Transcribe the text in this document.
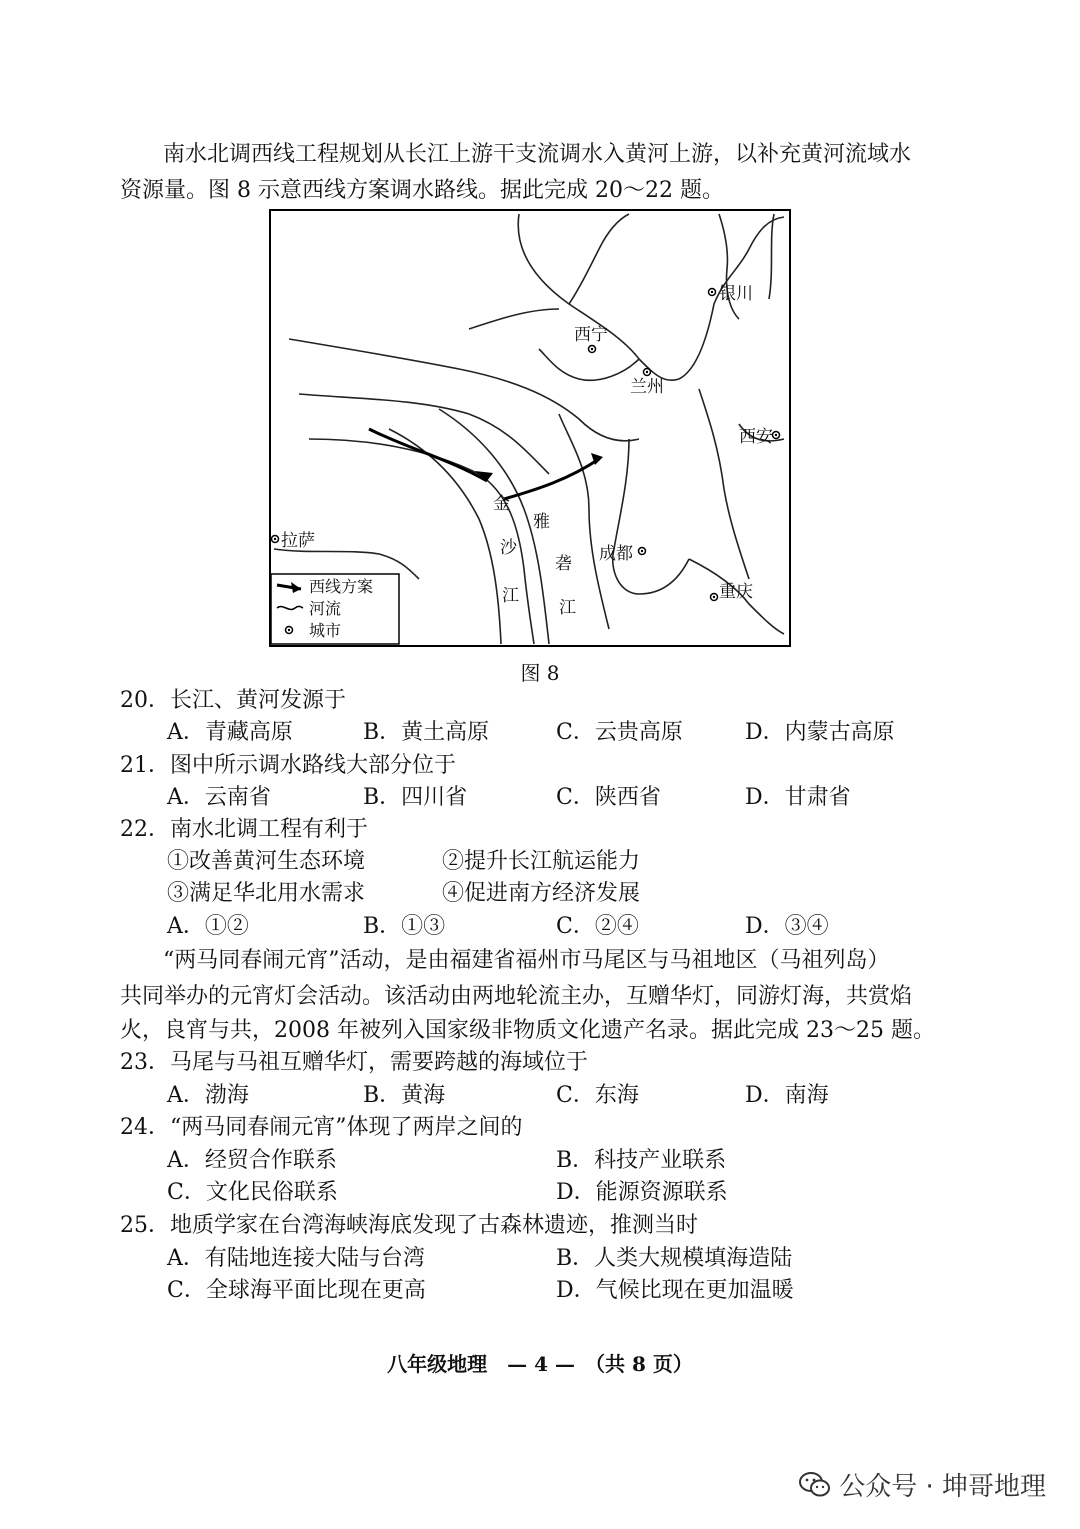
南水北调西线工程规划从长江上游干支流调水入黄河上游，以补充黄河流域水
资源量。图 8 示意西线方案调水路线。据此完成 20～22 题。
银川
西宁
兰州
西安
拉萨
成都
重庆
金
沙
江
雅
砻
江
西线方案
河流
城市
图 8
20．长江、黄河发源于
A．青藏高原	B．黄土高原	C．云贵高原	D．内蒙古高原
21．图中所示调水路线大部分位于
A．云南省	B．四川省	C．陕西省	D．甘肃省
22．南水北调工程有利于
①改善黄河生态环境	②提升长江航运能力
③满足华北用水需求	④促进南方经济发展
A．①②	B．①③	C．②④	D．③④
“两马同春闹元宵”活动，是由福建省福州市马尾区与马祖地区（马祖列岛）
共同举办的元宵灯会活动。该活动由两地轮流主办，互赠华灯，同游灯海，共赏焰
火，良宵与共，2008 年被列入国家级非物质文化遗产名录。据此完成 23～25 题。
23．马尾与马祖互赠华灯，需要跨越的海域位于
A．渤海	B．黄海	C．东海	D．南海
24．“两马同春闹元宵”体现了两岸之间的
A．经贸合作联系	B．科技产业联系
C．文化民俗联系	D．能源资源联系
25．地质学家在台湾海峡海底发现了古森林遗迹，推测当时
A．有陆地连接大陆与台湾	B．人类大规模填海造陆
C．全球海平面比现在更高	D．气候比现在更加温暖
八年级地理　— 4 —　（共 8 页）
公众号 · 坤哥地理
